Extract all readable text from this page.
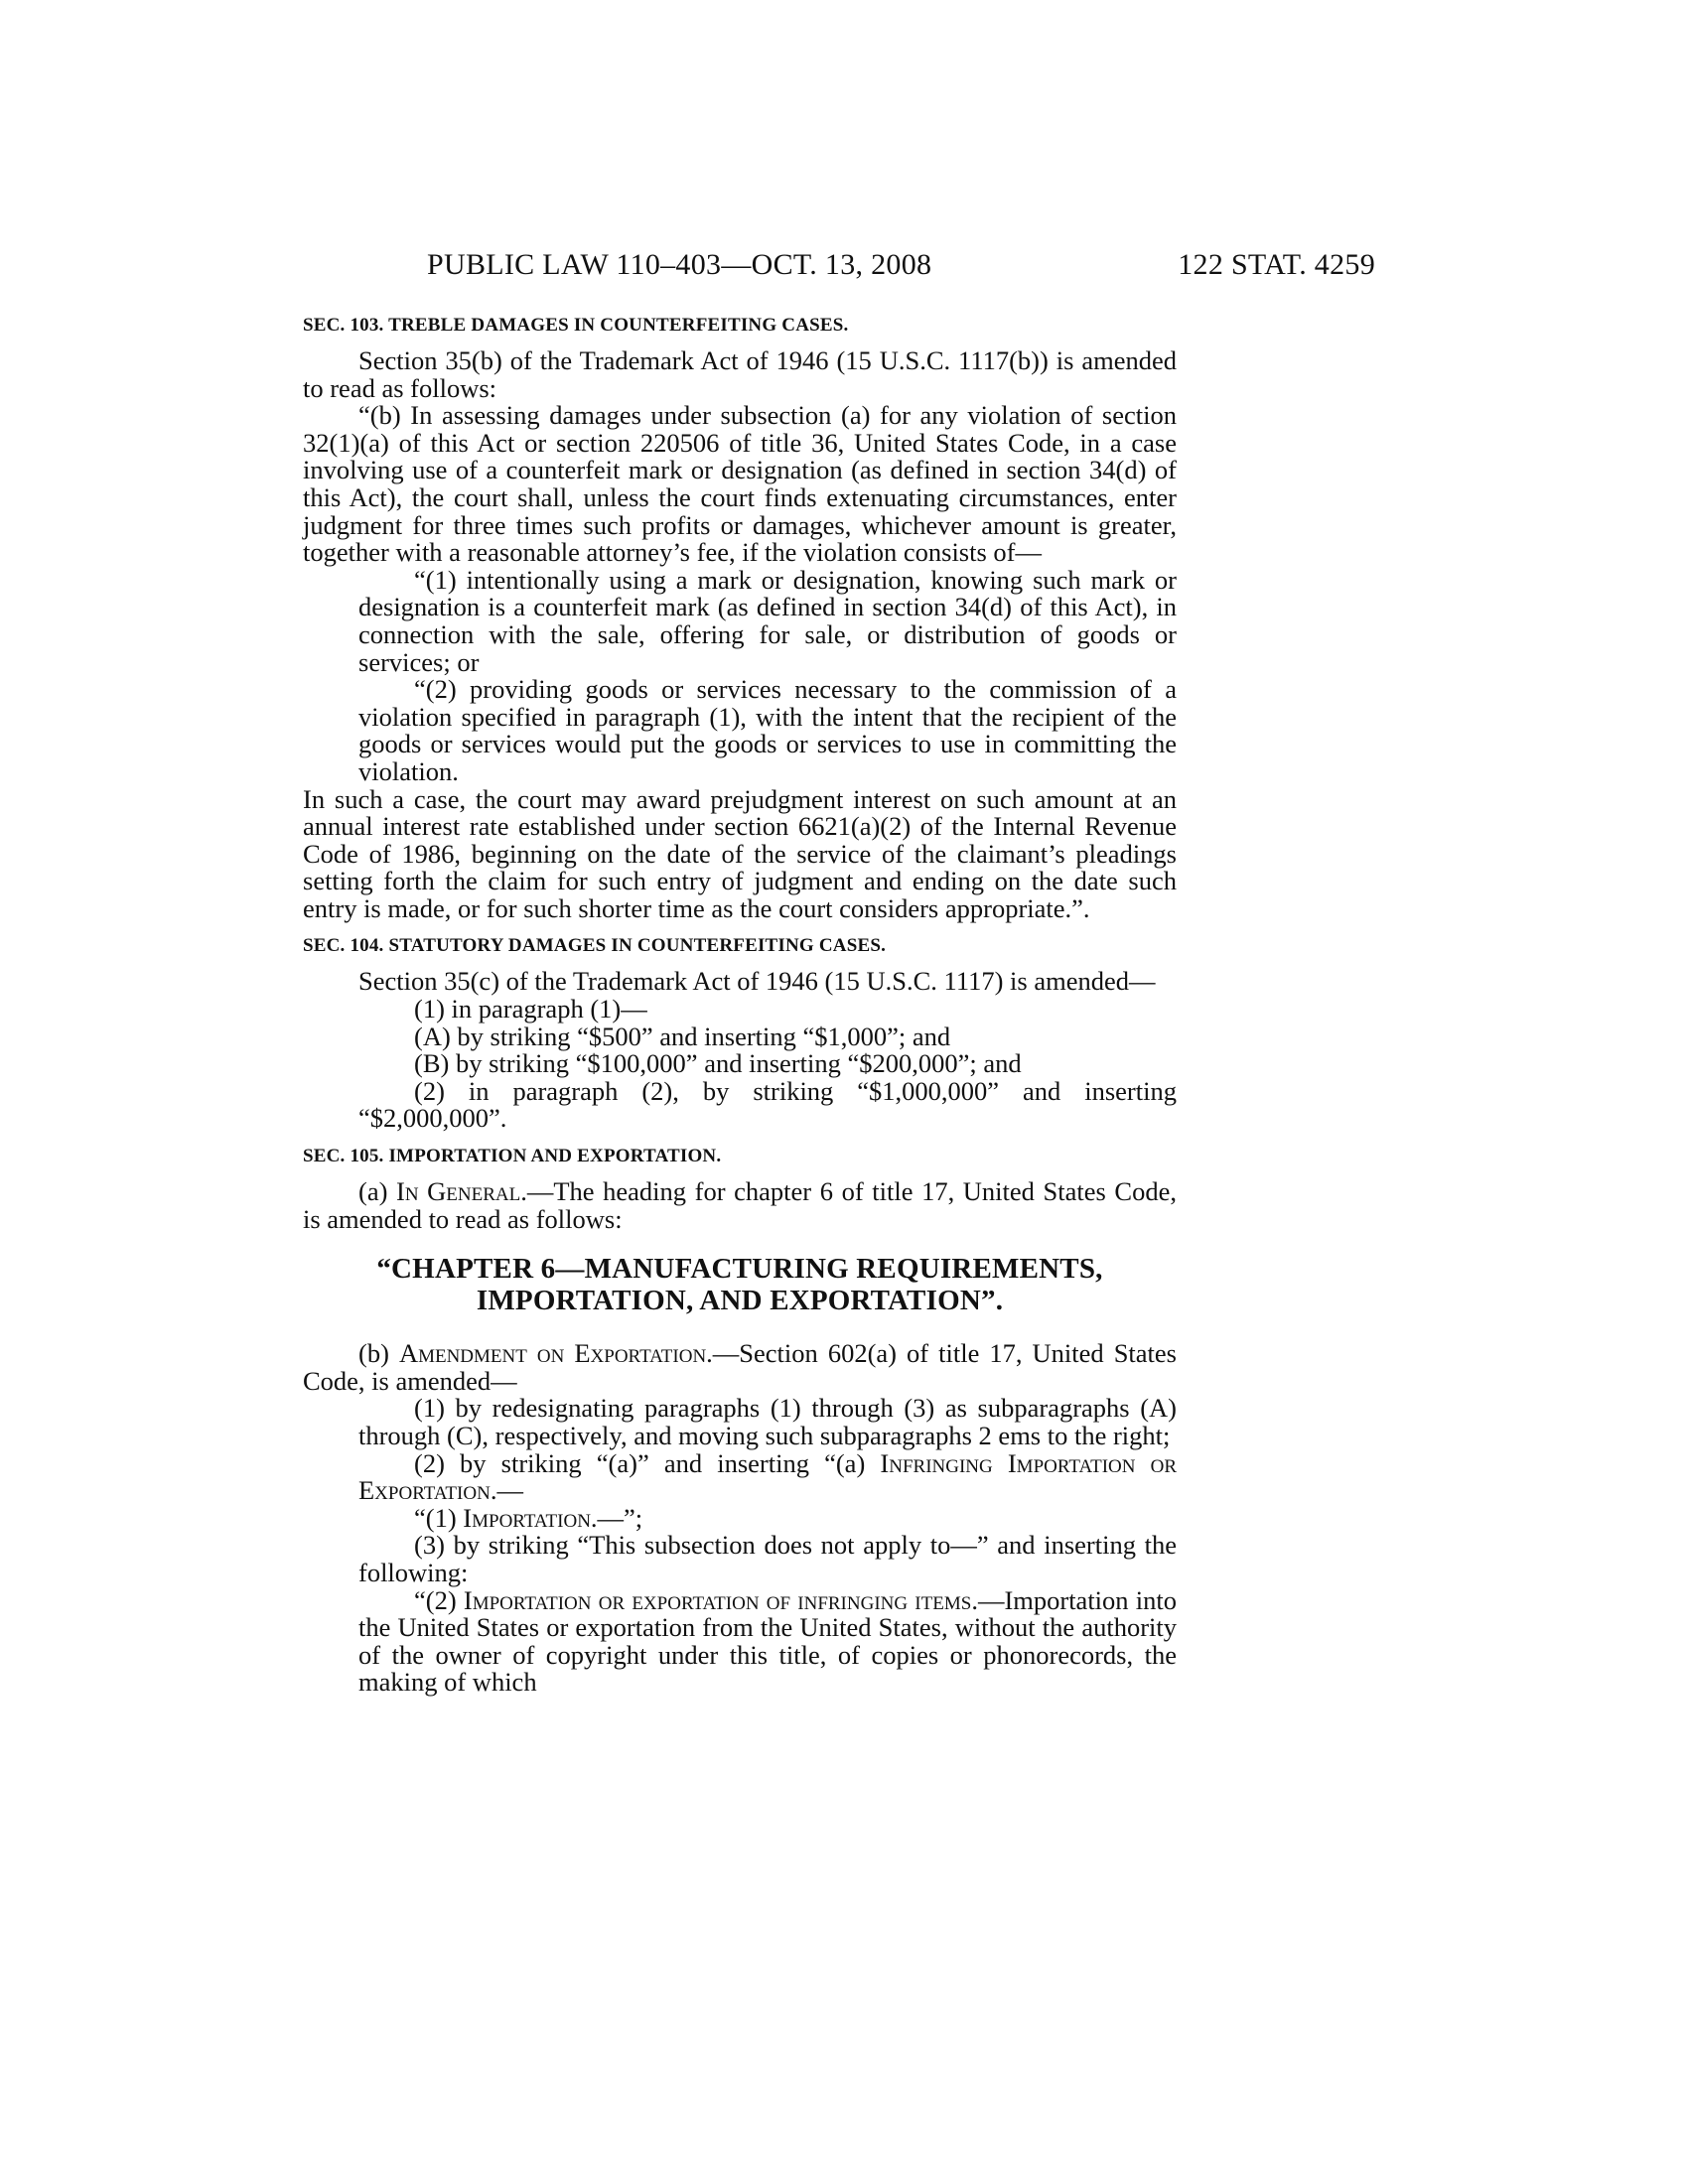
PUBLIC LAW 110–403—OCT. 13, 2008	122 STAT. 4259

SEC. 103. TREBLE DAMAGES IN COUNTERFEITING CASES.

Section 35(b) of the Trademark Act of 1946 (15 U.S.C. 1117(b)) is amended to read as follows:

“(b) In assessing damages under subsection (a) for any violation of section 32(1)(a) of this Act or section 220506 of title 36, United States Code, in a case involving use of a counterfeit mark or designation (as defined in section 34(d) of this Act), the court shall, unless the court finds extenuating circumstances, enter judgment for three times such profits or damages, whichever amount is greater, together with a reasonable attorney’s fee, if the violation consists of—

“(1) intentionally using a mark or designation, knowing such mark or designation is a counterfeit mark (as defined in section 34(d) of this Act), in connection with the sale, offering for sale, or distribution of goods or services; or

“(2) providing goods or services necessary to the commission of a violation specified in paragraph (1), with the intent that the recipient of the goods or services would put the goods or services to use in committing the violation.

In such a case, the court may award prejudgment interest on such amount at an annual interest rate established under section 6621(a)(2) of the Internal Revenue Code of 1986, beginning on the date of the service of the claimant’s pleadings setting forth the claim for such entry of judgment and ending on the date such entry is made, or for such shorter time as the court considers appropriate.”.

SEC. 104. STATUTORY DAMAGES IN COUNTERFEITING CASES.

Section 35(c) of the Trademark Act of 1946 (15 U.S.C. 1117) is amended—

(1) in paragraph (1)—

(A) by striking “$500” and inserting “$1,000”; and

(B) by striking “$100,000” and inserting “$200,000”; and

(2) in paragraph (2), by striking “$1,000,000” and inserting “$2,000,000”.

SEC. 105. IMPORTATION AND EXPORTATION.

(a) In General.—The heading for chapter 6 of title 17, United States Code, is amended to read as follows:

“CHAPTER 6—MANUFACTURING REQUIREMENTS,
IMPORTATION, AND EXPORTATION”.

(b) Amendment on Exportation.—Section 602(a) of title 17, United States Code, is amended—

(1) by redesignating paragraphs (1) through (3) as subparagraphs (A) through (C), respectively, and moving such subparagraphs 2 ems to the right;

(2) by striking “(a)” and inserting “(a) Infringing Importation or Exportation.—

“(1) Importation.—”;

(3) by striking “This subsection does not apply to—” and inserting the following:

“(2) Importation or exportation of infringing items.—Importation into the United States or exportation from the United States, without the authority of the owner of copyright under this title, of copies or phonorecords, the making of which
